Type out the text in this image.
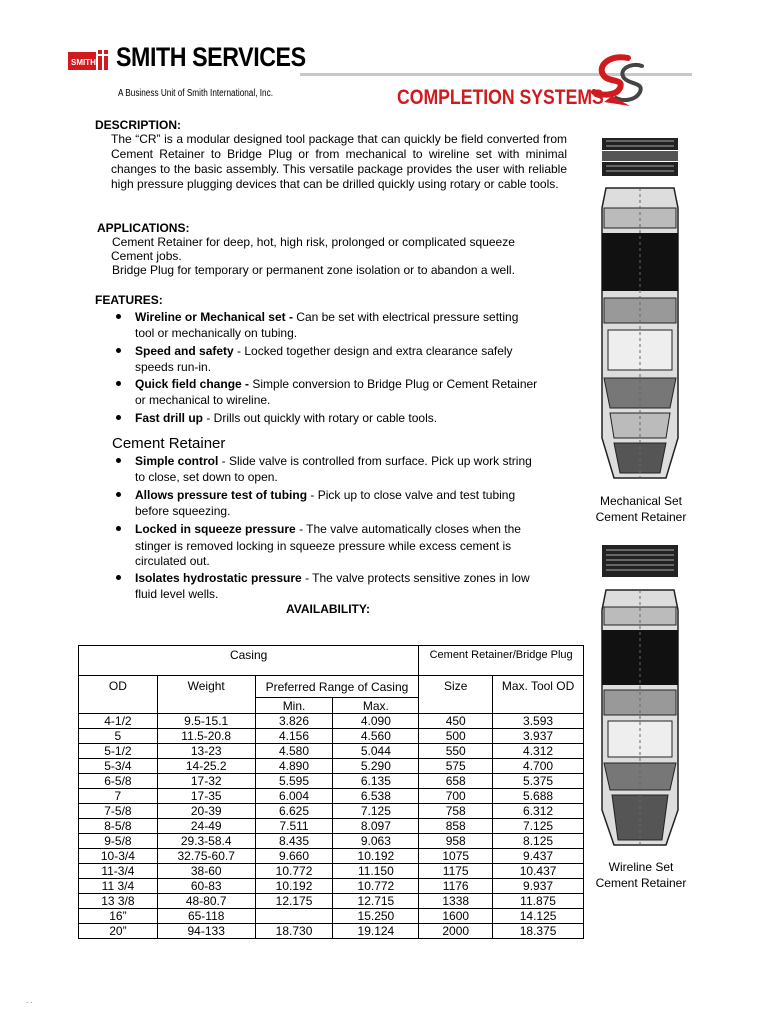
SMITH SMITH SERVICES
A Business Unit of Smith International, Inc.	COMPLETION SYSTEMS
DESCRIPTION:
The “CR” is a modular designed tool package that can quickly be field converted from Cement Retainer to Bridge Plug or from mechanical to wireline set with minimal changes to the basic assembly. This versatile package provides the user with reliable high pressure plugging devices that can be drilled quickly using rotary or cable tools.
APPLICATIONS:
Cement Retainer for deep, hot, high risk, prolonged or complicated squeeze
Cement jobs.
Bridge Plug for temporary or permanent zone isolation or to abandon a well.
FEATURES:
Wireline or Mechanical set - Can be set with electrical pressure setting
tool or mechanically on tubing.
Speed and safety - Locked together design and extra clearance safely
speeds run-in.
Quick field change - Simple conversion to Bridge Plug or Cement Retainer
or mechanical to wireline.
Fast drill up - Drills out quickly with rotary or cable tools.
Cement Retainer
Simple control - Slide valve is controlled from surface. Pick up work string
to close, set down to open.
Allows pressure test of tubing - Pick up to close valve and test tubing
before squeezing.
Locked in squeeze pressure - The valve automatically closes when the
stinger is removed locking in squeeze pressure while excess cement is
circulated out.
Isolates hydrostatic pressure - The valve protects sensitive zones in low
fluid level wells.
AVAILABILITY:
Casing				Cement Retainer/Bridge Plug	
OD	Weight	Preferred Range of Casing		Size	Max. Tool OD
		Min.	Max.		
4-1/2	9.5-15.1	3.826	4.090	450	3.593
5	11.5-20.8	4.156	4.560	500	3.937
5-1/2	13-23	4.580	5.044	550	4.312
5-3/4	14-25.2	4.890	5.290	575	4.700
6-5/8	17-32	5.595	6.135	658	5.375
7	17-35	6.004	6.538	700	5.688
7-5/8	20-39	6.625	7.125	758	6.312
8-5/8	24-49	7.511	8.097	858	7.125
9-5/8	29.3-58.4	8.435	9.063	958	8.125
10-3/4	32.75-60.7	9.660	10.192	1075	9.437
11-3/4	38-60	10.772	11.150	1175	10.437
11 3/4	60-83	10.192	10.772	1176	9.937
13 3/8	48-80.7	12.175	12.715	1338	11.875
16”	65-118		15.250	1600	14.125
20”	94-133	18.730	19.124	2000	18.375
Mechanical Set
Cement Retainer
Wireline Set
Cement Retainer
. .
